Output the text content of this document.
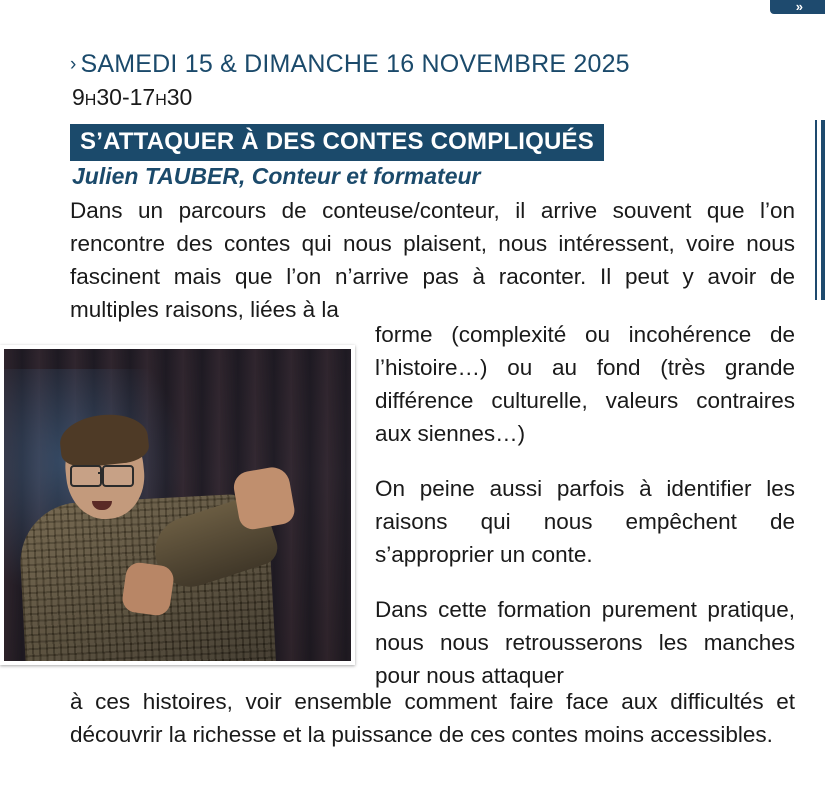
»
› SAMEDI 15 & DIMANCHE 16 NOVEMBRE 2025
9H30-17H30
S’ATTAQUER À DES CONTES COMPLIQUÉS
Julien TAUBER, Conteur et formateur
Dans un parcours de conteuse/conteur, il arrive souvent que l’on rencontre des contes qui nous plaisent, nous intéressent, voire nous fascinent mais que l’on n’arrive pas à raconter. Il peut y avoir de multiples raisons, liées à la

forme (complexité ou incohérence de l’histoire…) ou au fond (très grande différence culturelle, valeurs contraires aux siennes…)

On peine aussi parfois à identifier les raisons qui nous empêchent de s’approprier un conte.

Dans cette formation purement pratique, nous nous retrousserons les manches pour nous attaquer

à ces histoires, voir ensemble comment faire face aux difficultés et découvrir la richesse et la puissance de ces contes moins accessibles.
